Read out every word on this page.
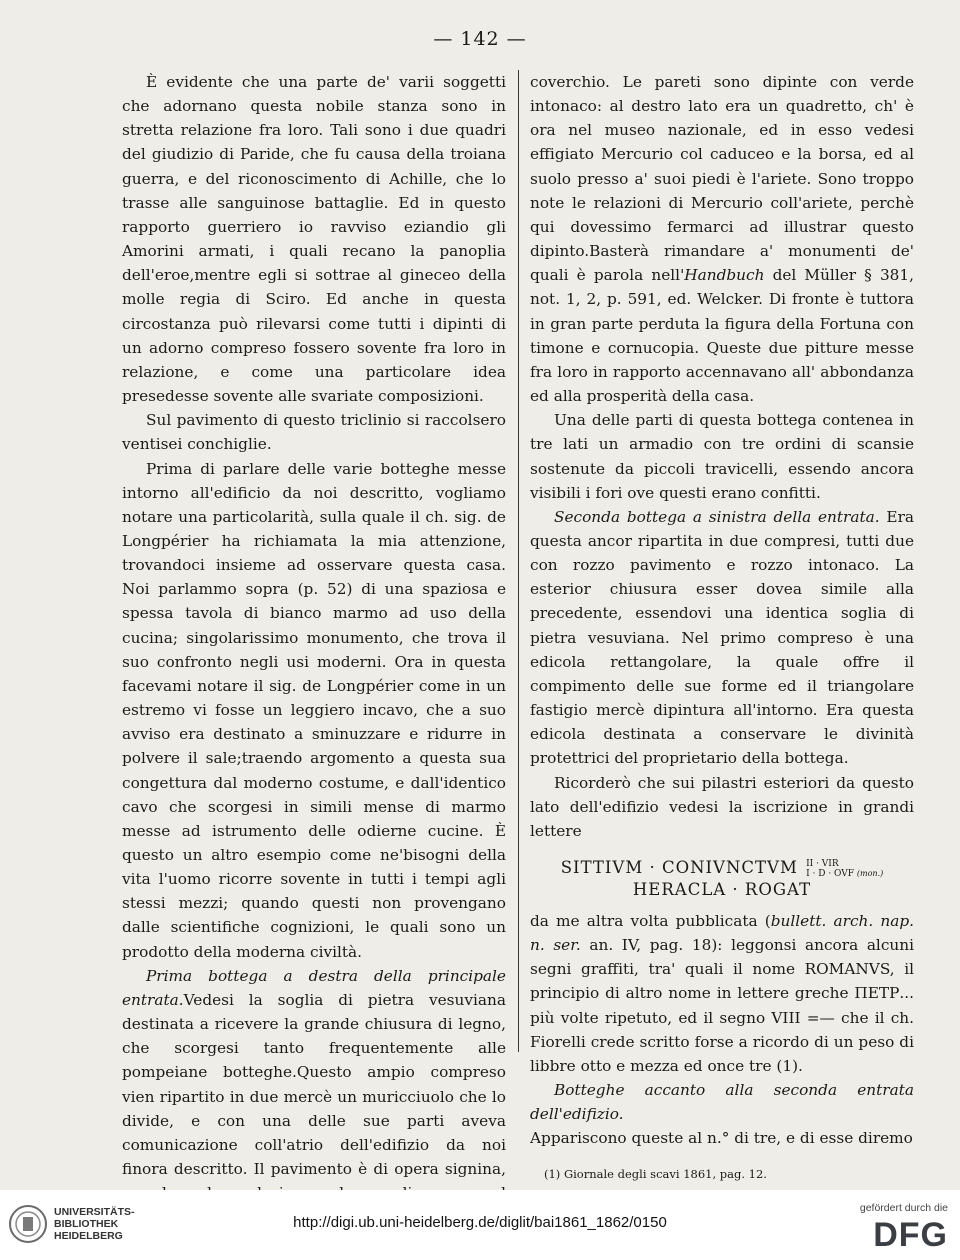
— 142 —

È evidente che una parte de' varii soggetti che adornano questa nobile stanza sono in stretta relazione fra loro. Tali sono i due quadri del giudizio di Paride, che fu causa della troiana guerra, e del riconoscimento di Achille, che lo trasse alle sanguinose battaglie. Ed in questo rapporto guerriero io ravviso eziandio gli Amorini armati, i quali recano la panoplia dell'eroe,mentre egli si sottrae al gineceo della molle regia di Sciro. Ed anche in questa circostanza può rilevarsi come tutti i dipinti di un adorno compreso fossero sovente fra loro in relazione, e come una particolare idea presedesse sovente alle svariate composizioni.

Sul pavimento di questo triclinio si raccolsero ventisei conchiglie.

Prima di parlare delle varie botteghe messe intorno all'edificio da noi descritto, vogliamo notare una particolarità, sulla quale il ch. sig. de Longpérier ha richiamata la mia attenzione, trovandoci insieme ad osservare questa casa. Noi parlammo sopra (p. 52) di una spaziosa e spessa tavola di bianco marmo ad uso della cucina; singolarissimo monumento, che trova il suo confronto negli usi moderni. Ora in questa facevami notare il sig. de Longpérier come in un estremo vi fosse un leggiero incavo, che a suo avviso era destinato a sminuzzare e ridurre in polvere il sale;traendo argomento a questa sua congettura dal moderno costume, e dall'identico cavo che scorgesi in simili mense di marmo messe ad istrumento delle odierne cucine. È questo un altro esempio come ne'bisogni della vita l'uomo ricorre sovente in tutti i tempi agli stessi mezzi; quando questi non provengano dalle scientifiche cognizioni, le quali sono un prodotto della moderna civiltà.

Prima bottega a destra della principale entrata.Vedesi la soglia di pietra vesuviana destinata a ricevere la grande chiusura di legno, che scorgesi tanto frequentemente alle pompeiane botteghe.Questo ampio compreso vien ripartito in due mercè un muricciuolo che lo divide, e con una delle sue parti aveva comunicazione coll'atrio dell'edifizio da noi finora descritto. Il pavimento è di opera signina,

coverchio. Le pareti sono dipinte con verde intonaco: al destro lato era un quadretto, ch' è ora nel museo nazionale, ed in esso vedesi effigiato Mercurio col caduceo e la borsa, ed al suolo presso a' suoi piedi è l'ariete. Sono troppo note le relazioni di Mercurio coll'ariete, perchè qui dovessimo fermarci ad illustrar questo dipinto.Basterà rimandare a' monumenti de' quali è parola nell'Handbuch del Müller § 381, not. 1, 2, p. 591, ed. Welcker. Di fronte è tuttora in gran parte perduta la figura della Fortuna con timone e cornucopia. Queste due pitture messe fra loro in rapporto accennavano all' abbondanza ed alla prosperità della casa.

Una delle parti di questa bottega contenea in tre lati un armadio con tre ordini di scansie sostenute da piccoli travicelli, essendo ancora visibili i fori ove questi erano confitti.

Seconda bottega a sinistra della entrata. Era questa ancor ripartita in due compresi, tutti due con rozzo pavimento e rozzo intonaco. La esterior chiusura esser dovea simile alla precedente, essendovi una identica soglia di pietra vesuviana. Nel primo compreso è una edicola rettangolare, la quale offre il compimento delle sue forme ed il triangolare fastigio mercè dipintura all'intorno. Era questa edicola destinata a conservare le divinità protettrici del proprietario della bottega.

Ricorderò che sui pilastri esteriori da questo lato dell'edifizio vedesi la iscrizione in grandi lettere

SITTIVM · CONIVNCTVM II · VIR
I · D · OVF (mon.)
HERACLA · ROGAT

da me altra volta pubblicata (bullett. arch. nap. n. ser. an. IV, pag. 18): leggonsi ancora alcuni segni graffiti, tra' quali il nome ROMANVS, il principio di altro nome in lettere greche ΠΕΤΡ... più volte ripetuto, ed il segno VIII =— che il ch. Fiorelli crede scritto forse a ricordo di un peso di libbre otto e mezza ed once tre (1).

Botteghe accanto alla seconda entrata dell'edifizio.

Appariscono queste al n.° di tre, e di esse diremo

(1) Giornale degli scavi 1861, pag. 12.

UNIVERSITÄTS-
BIBLIOTHEK
HEIDELBERG
http://digi.ub.uni-heidelberg.de/diglit/bai1861_1862/0150
gefördert durch die
DFG
